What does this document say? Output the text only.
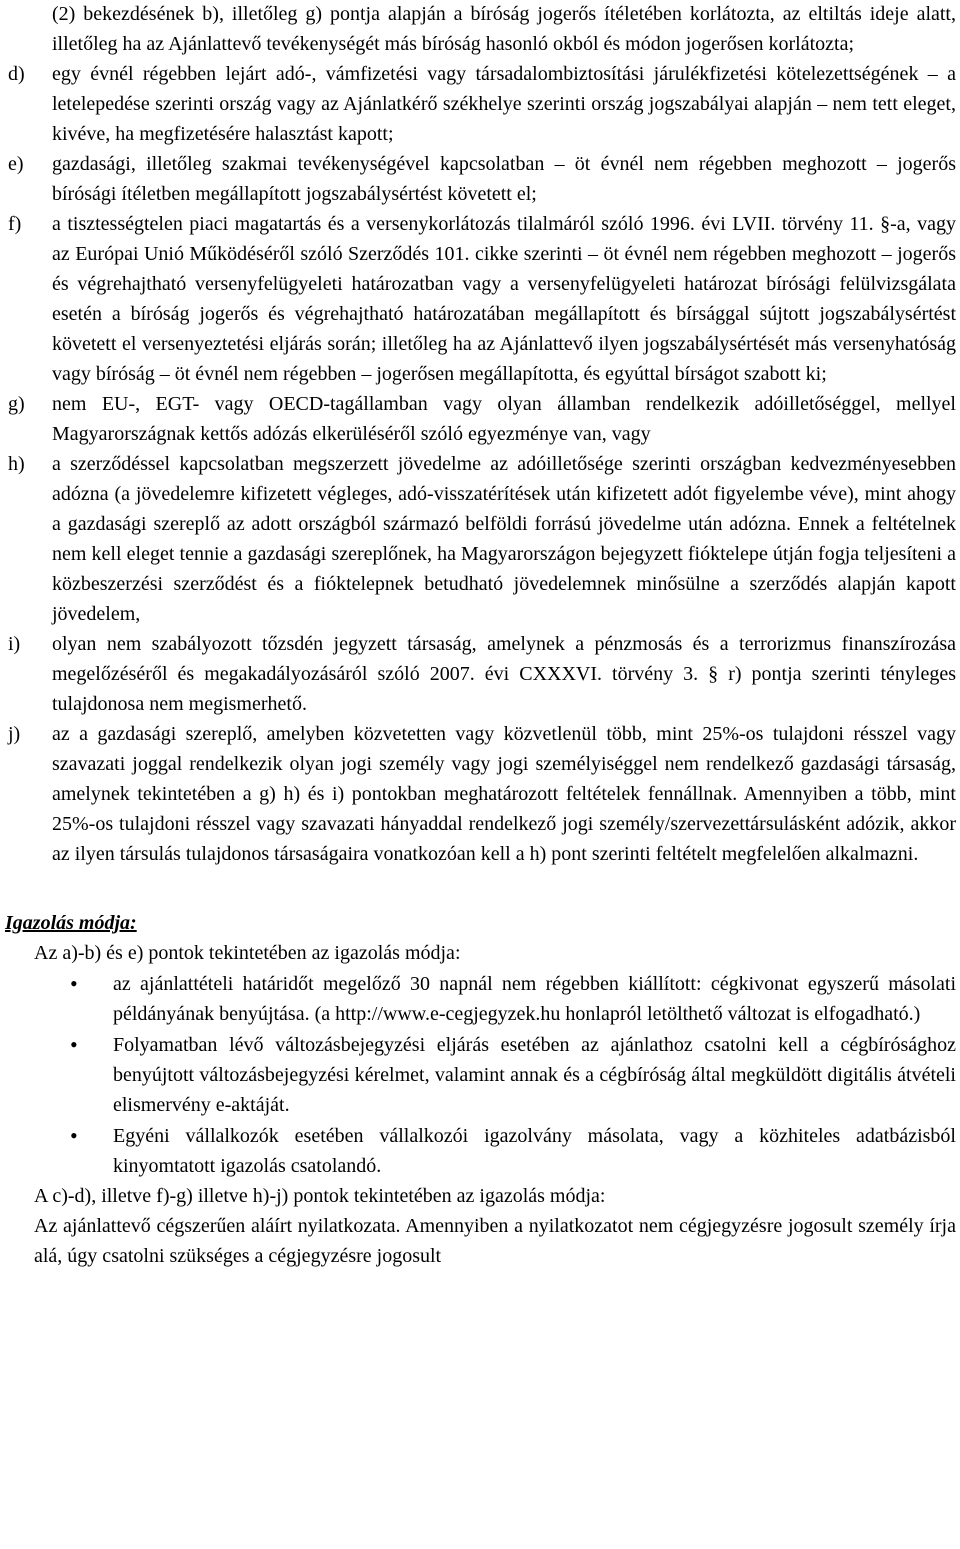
(2) bekezdésének b), illetőleg g) pontja alapján a bíróság jogerős ítéletében korlátozta, az eltiltás ideje alatt, illetőleg ha az Ajánlattevő tevékenységét más bíróság hasonló okból és módon jogerősen korlátozta;
d) egy évnél régebben lejárt adó-, vámfizetési vagy társadalombiztosítási járulékfizetési kötelezettségének – a letelepedése szerinti ország vagy az Ajánlatkérő székhelye szerinti ország jogszabályai alapján – nem tett eleget, kivéve, ha megfizetésére halasztást kapott;
e) gazdasági, illetőleg szakmai tevékenységével kapcsolatban – öt évnél nem régebben meghozott – jogerős bírósági ítéletben megállapított jogszabálysértést követett el;
f) a tisztességtelen piaci magatartás és a versenykorlátozás tilalmáról szóló 1996. évi LVII. törvény 11. §-a, vagy az Európai Unió Működéséről szóló Szerződés 101. cikke szerinti – öt évnél nem régebben meghozott – jogerős és végrehajtható versenyfelügyeleti határozatban vagy a versenyfelügyeleti határozat bírósági felülvizsgálata esetén a bíróság jogerős és végrehajtható határozatában megállapított és bírsággal sújtott jogszabálysértést követett el versenyeztetési eljárás során; illetőleg ha az Ajánlattevő ilyen jogszabálysértését más versenyhatóság vagy bíróság – öt évnél nem régebben – jogerősen megállapította, és egyúttal bírságot szabott ki;
g) nem EU-, EGT- vagy OECD-tagállamban vagy olyan államban rendelkezik adóilletőséggel, mellyel Magyarországnak kettős adózás elkerüléséről szóló egyezménye van, vagy
h) a szerződéssel kapcsolatban megszerzett jövedelme az adóilletősége szerinti országban kedvezményesebben adózna (a jövedelemre kifizetett végleges, adó-visszatérítések után kifizetett adót figyelembe véve), mint ahogy a gazdasági szereplő az adott országból származó belföldi forrású jövedelme után adózna. Ennek a feltételnek nem kell eleget tennie a gazdasági szereplőnek, ha Magyarországon bejegyzett fióktelepe útján fogja teljesíteni a közbeszerzési szerződést és a fióktelepnek betudható jövedelemnek minősülne a szerződés alapján kapott jövedelem,
i) olyan nem szabályozott tőzsdén jegyzett társaság, amelynek a pénzmosás és a terrorizmus finanszírozása megelőzéséről és megakadályozásáról szóló 2007. évi CXXXVI. törvény 3. § r) pontja szerinti tényleges tulajdonosa nem megismerhető.
j) az a gazdasági szereplő, amelyben közvetetten vagy közvetlenül több, mint 25%-os tulajdoni résszel vagy szavazati joggal rendelkezik olyan jogi személy vagy jogi személyiséggel nem rendelkező gazdasági társaság, amelynek tekintetében a g) h) és i) pontokban meghatározott feltételek fennállnak. Amennyiben a több, mint 25%-os tulajdoni résszel vagy szavazati hányaddal rendelkező jogi személy/szervezettársulásként adózik, akkor az ilyen társulás tulajdonos társaságaira vonatkozóan kell a h) pont szerinti feltételt megfelelően alkalmazni.
Igazolás módja:
Az a)-b) és e) pontok tekintetében az igazolás módja:
• az ajánlattételi határidőt megelőző 30 napnál nem régebben kiállított: cégkivonat egyszerű másolati példányának benyújtása. (a http://www.e-cegjegyzek.hu honlapról letölthető változat is elfogadható.)
• Folyamatban lévő változásbejegyzési eljárás esetében az ajánlathoz csatolni kell a cégbírósághoz benyújtott változásbejegyzési kérelmet, valamint annak és a cégbíróság által megküldött digitális átvételi elismervény e-aktáját.
• Egyéni vállalkozók esetében vállalkozói igazolvány másolata, vagy a közhiteles adatbázisból kinyomtatott igazolás csatolandó.
A c)-d), illetve f)-g) illetve h)-j) pontok tekintetében az igazolás módja:
Az ajánlattevő cégszerűen aláírt nyilatkozata. Amennyiben a nyilatkozatot nem cégjegyzésre jogosult személy írja alá, úgy csatolni szükséges a cégjegyzésre jogosult
